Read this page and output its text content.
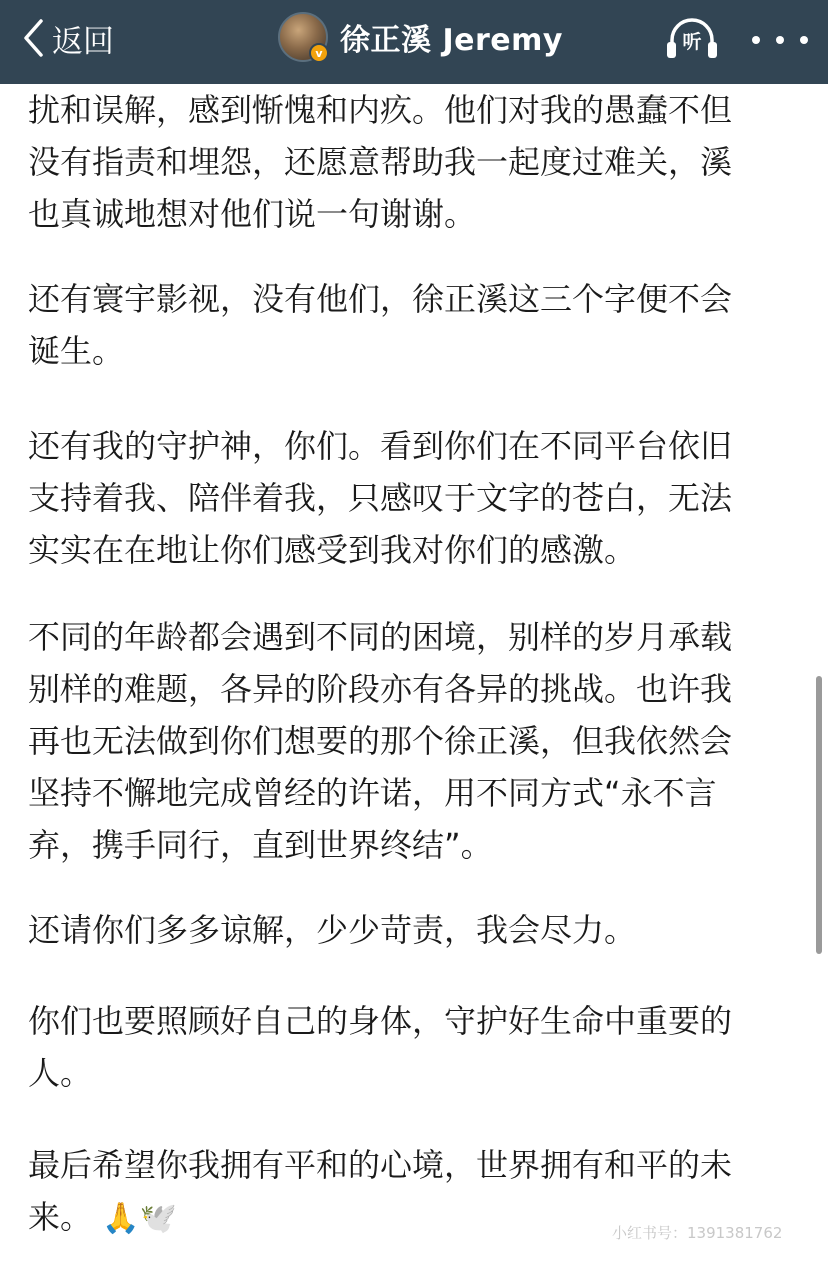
返回	v 徐正溪 Jeremy	听
扰和误解，感到惭愧和内疚。他们对我的愚蠢不但
没有指责和埋怨，还愿意帮助我一起度过难关，溪
也真诚地想对他们说一句谢谢。
还有寰宇影视，没有他们，徐正溪这三个字便不会
诞生。
还有我的守护神，你们。看到你们在不同平台依旧
支持着我、陪伴着我，只感叹于文字的苍白，无法
实实在在地让你们感受到我对你们的感激。
不同的年龄都会遇到不同的困境，别样的岁月承载
别样的难题，各异的阶段亦有各异的挑战。也许我
再也无法做到你们想要的那个徐正溪，但我依然会
坚持不懈地完成曾经的许诺，用不同方式“永不言
弃，携手同行，直到世界终结”。
还请你们多多谅解，少少苛责，我会尽力。
你们也要照顾好自己的身体，守护好生命中重要的
人。
最后希望你我拥有平和的心境，世界拥有和平的未
来。 🙏🕊️	小红书号：1391381762
